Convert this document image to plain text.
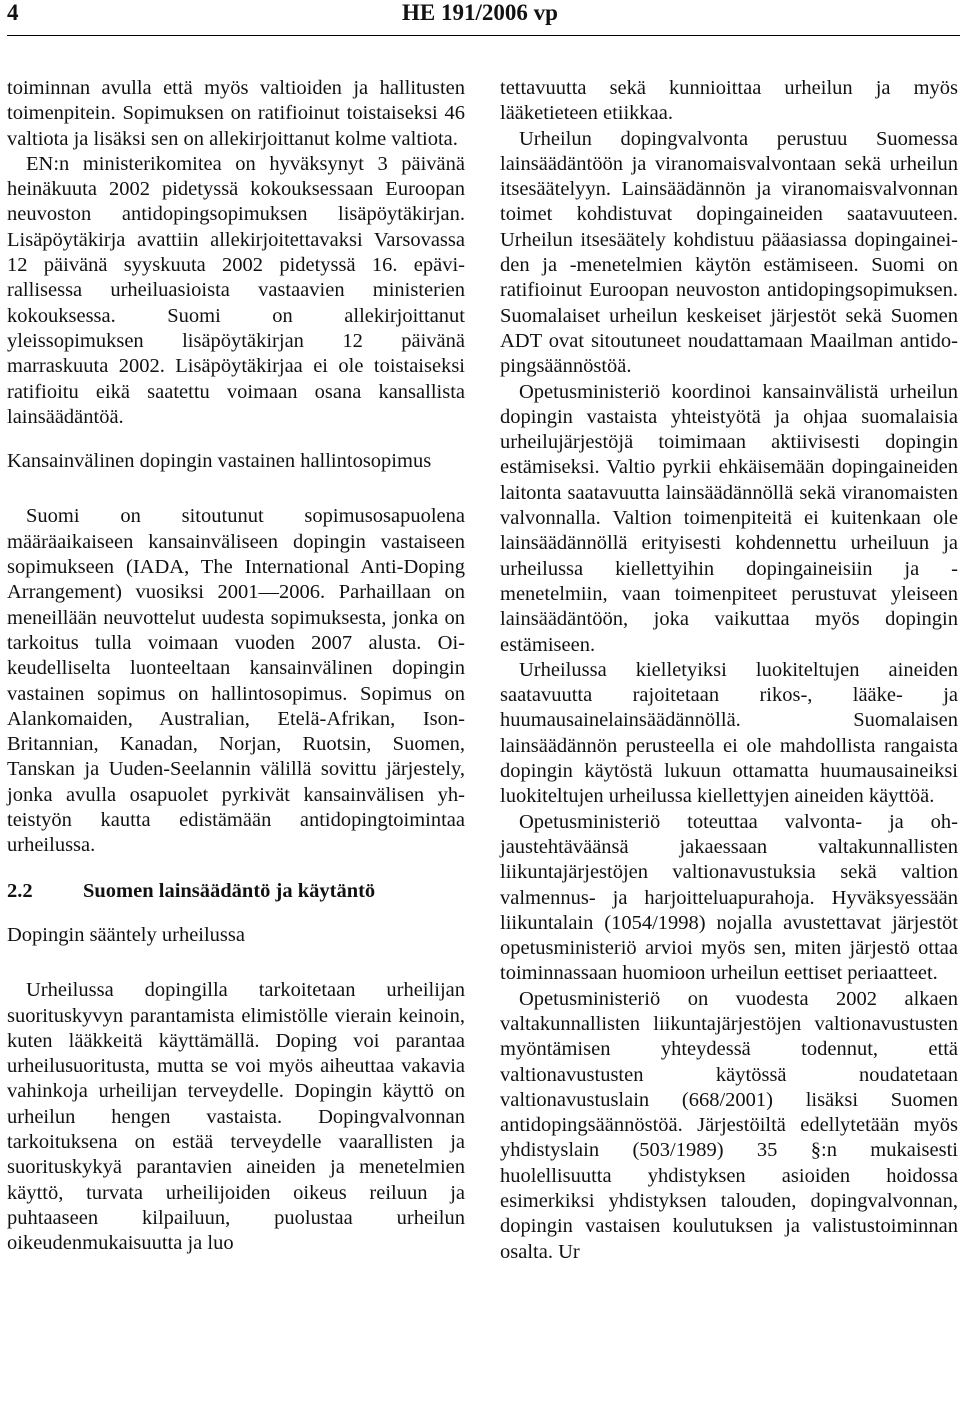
4	HE 191/2006 vp

toiminnan avulla että myös valtioiden ja hallitusten toimenpitein. Sopimuksen on ratifioinut toistaiseksi 46 valtiota ja lisäksi sen on allekirjoittanut kolme valtiota.

EN:n ministerikomitea on hyväksynyt 3 päivänä heinäkuuta 2002 pidetyssä kokouksessaan Euroopan neuvoston antidopingsopimuksen lisäpöytäkirjan. Lisäpöytäkirja avattiin allekirjoitettavaksi Varsovassa 12 päivänä syyskuuta 2002 pidetyssä 16. epävirallisessa urheiluasioista vastaavien ministerien kokouksessa. Suomi on allekirjoittanut yleissopimuksen lisäpöytäkirjan 12 päivänä marraskuuta 2002. Lisäpöytäkirjaa ei ole toistaiseksi ratifioitu eikä saatettu voimaan osana kansallista lainsäädäntöä.

Kansainvälinen dopingin vastainen hallintosopimus

Suomi on sitoutunut sopimusosapuolena määräaikaiseen kansainväliseen dopingin vastaiseen sopimukseen (IADA, The International Anti-Doping Arrangement) vuosiksi 2001—2006. Parhaillaan on meneillään neuvottelut uudesta sopimuksesta, jonka on tarkoitus tulla voimaan vuoden 2007 alusta. Oikeudelliselta luonteeltaan kansainvälinen dopingin vastainen sopimus on hallintosopimus. Sopimus on Alankomaiden, Australian, Etelä-Afrikan, Ison-Britannian, Kanadan, Norjan, Ruotsin, Suomen, Tanskan ja Uuden-Seelannin välillä sovittu järjestely, jonka avulla osapuolet pyrkivät kansainvälisen yhteistyön kautta edistämään antidopingtoimintaa urheilussa.

2.2 Suomen lainsäädäntö ja käytäntö
Dopingin sääntely urheilussa

Urheilussa dopingilla tarkoitetaan urheilijan suorituskyvyn parantamista elimistölle vierain keinoin, kuten lääkkeitä käyttämällä. Doping voi parantaa urheilusuoritusta, mutta se voi myös aiheuttaa vakavia vahinkoja urheilijan terveydelle. Dopingin käyttö on urheilun hengen vastaista. Dopingvalvonnan tarkoituksena on estää terveydelle vaarallisten ja suorituskykyä parantavien aineiden ja menetelmien käyttö, turvata urheilijoiden oikeus reiluun ja puhtaaseen kilpailuun, puolustaa urheilun oikeudenmukaisuutta ja luo

tettavuutta sekä kunnioittaa urheilun ja myös lääketieteen etiikkaa.

Urheilun dopingvalvonta perustuu Suomessa lainsäädäntöön ja viranomaisvalvontaan sekä urheilun itsesäätelyyn. Lainsäädännön ja viranomaisvalvonnan toimet kohdistuvat dopingaineiden saatavuuteen. Urheilun itsesäätely kohdistuu pääasiassa dopingaineiden ja -menetelmien käytön estämiseen. Suomi on ratifioinut Euroopan neuvoston antidopingsopimuksen. Suomalaiset urheilun keskeiset järjestöt sekä Suomen ADT ovat sitoutuneet noudattamaan Maailman antidopingsäännöstöä.

Opetusministeriö koordinoi kansainvälistä urheilun dopingin vastaista yhteistyötä ja ohjaa suomalaisia urheilujärjestöjä toimimaan aktiivisesti dopingin estämiseksi. Valtio pyrkii ehkäisemään dopingaineiden laitonta saatavuutta lainsäädännöllä sekä viranomaisten valvonnalla. Valtion toimenpiteitä ei kuitenkaan ole lainsäädännöllä erityisesti kohdennettu urheiluun ja urheilussa kiellettyihin dopingaineisiin ja -menetelmiin, vaan toimenpiteet perustuvat yleiseen lainsäädäntöön, joka vaikuttaa myös dopingin estämiseen.

Urheilussa kielletyiksi luokiteltujen aineiden saatavuutta rajoitetaan rikos-, lääke- ja huumausainelainsäädännöllä. Suomalaisen lainsäädännön perusteella ei ole mahdollista rangaista dopingin käytöstä lukuun ottamatta huumausaineiksi luokiteltujen urheilussa kiellettyjen aineiden käyttöä.

Opetusministeriö toteuttaa valvonta- ja ohjaustehtäväänsä jakaessaan valtakunnallisten liikuntajärjestöjen valtionavustuksia sekä valtion valmennus- ja harjoitteluapurahoja. Hyväksyessään liikuntalain (1054/1998) nojalla avustettavat järjestöt opetusministeriö arvioi myös sen, miten järjestö ottaa toiminnassaan huomioon urheilun eettiset periaatteet.

Opetusministeriö on vuodesta 2002 alkaen valtakunnallisten liikuntajärjestöjen valtionavustusten myöntämisen yhteydessä todennut, että valtionavustusten käytössä noudatetaan valtionavustuslain (668/2001) lisäksi Suomen antidopingsäännöstöä. Järjestöiltä edellytetään myös yhdistyslain (503/1989) 35 §:n mukaisesti huolellisuutta yhdistyksen asioiden hoidossa esimerkiksi yhdistyksen talouden, dopingvalvonnan, dopingin vastaisen koulutuksen ja valistustoiminnan osalta. Ur
